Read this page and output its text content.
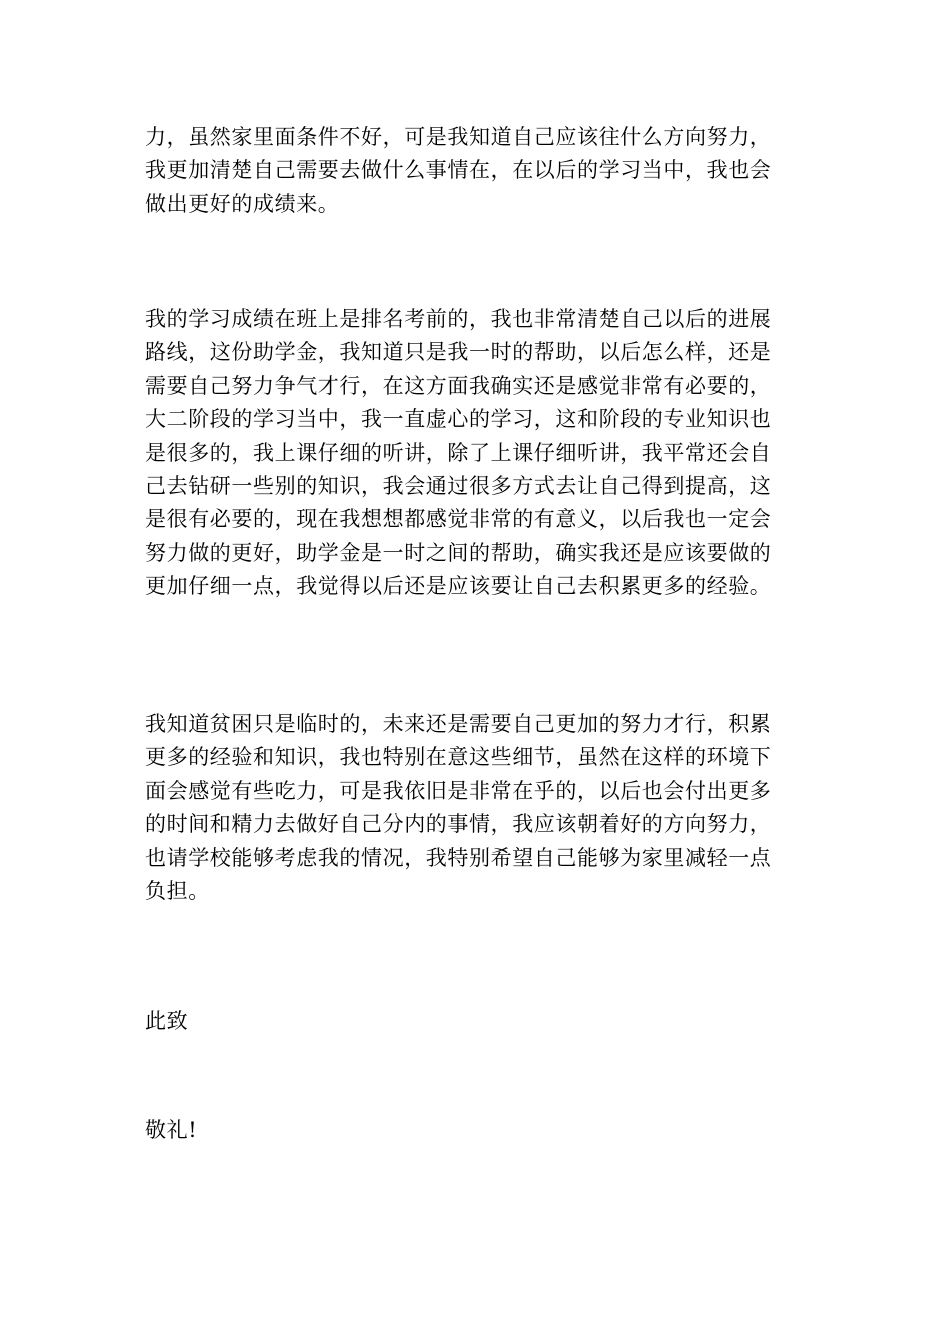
力，虽然家里面条件不好，可是我知道自己应该往什么方向努力，
我更加清楚自己需要去做什么事情在，在以后的学习当中，我也会
做出更好的成绩来。

我的学习成绩在班上是排名考前的，我也非常清楚自己以后的进展
路线，这份助学金，我知道只是我一时的帮助，以后怎么样，还是
需要自己努力争气才行，在这方面我确实还是感觉非常有必要的，
大二阶段的学习当中，我一直虚心的学习，这和阶段的专业知识也
是很多的，我上课仔细的听讲，除了上课仔细听讲，我平常还会自
己去钻研一些别的知识，我会通过很多方式去让自己得到提高，这
是很有必要的，现在我想想都感觉非常的有意义，以后我也一定会
努力做的更好，助学金是一时之间的帮助，确实我还是应该要做的
更加仔细一点，我觉得以后还是应该要让自己去积累更多的经验。

我知道贫困只是临时的，未来还是需要自己更加的努力才行，积累
更多的经验和知识，我也特别在意这些细节，虽然在这样的环境下
面会感觉有些吃力，可是我依旧是非常在乎的，以后也会付出更多
的时间和精力去做好自己分内的事情，我应该朝着好的方向努力，
也请学校能够考虑我的情况，我特别希望自己能够为家里减轻一点
负担。

此致

敬礼!
